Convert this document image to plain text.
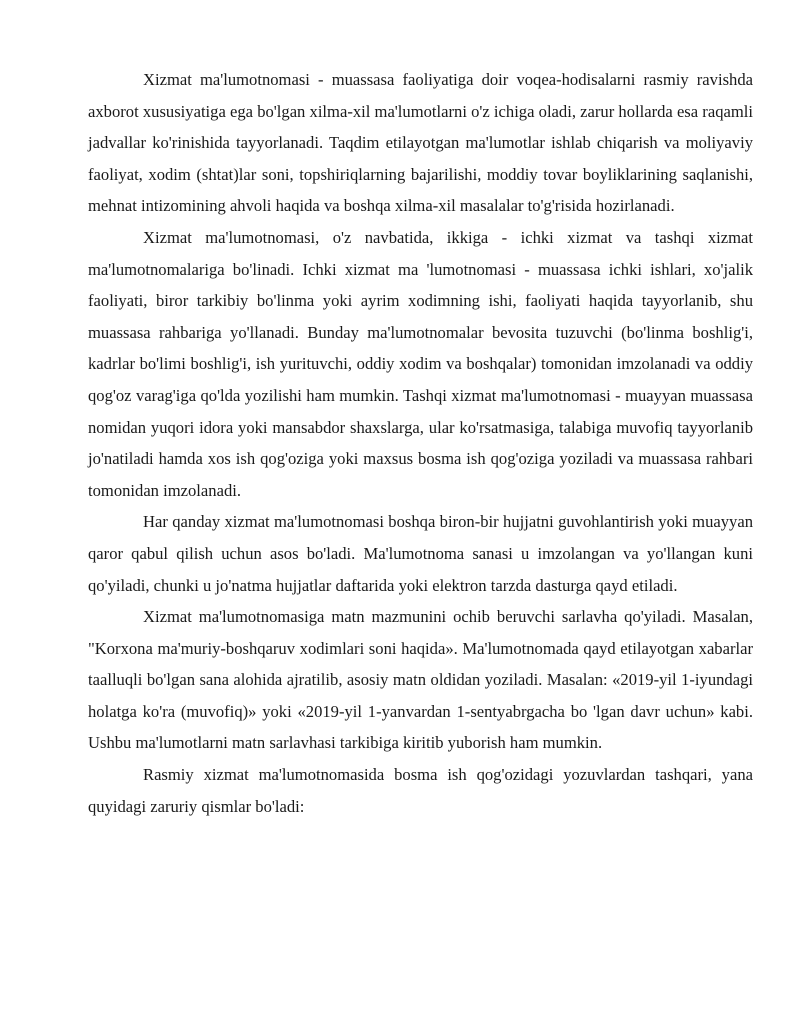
Xizmat ma'lumotnomasi - muassasa faoliyatiga doir voqea-hodisalarni rasmiy ravishda axborot xususiyatiga ega bo'lgan xilma-xil ma'lumotlarni o'z ichiga oladi, zarur hollarda esa raqamli jadvallar ko'rinishida tayyorlanadi. Taqdim etilayotgan ma'lumotlar ishlab chiqarish va moliyaviy faoliyat, xodim (shtat)lar soni, topshiriqlarning bajarilishi, moddiy tovar boyliklarining saqlanishi, mehnat intizomining ahvoli haqida va boshqa xilma-xil masalalar to'g'risida hozirlanadi.

Xizmat ma'lumotnomasi, o'z navbatida, ikkiga - ichki xizmat va tashqi xizmat ma'lumotnomalariga bo'linadi. Ichki xizmat ma 'lumotnomasi - muassasa ichki ishlari, xo'jalik faoliyati, biror tarkibiy bo'linma yoki ayrim xodimning ishi, faoliyati haqida tayyorlanib, shu muassasa rahbariga yo'llanadi. Bunday ma'lumotnomalar bevosita tuzuvchi (bo'linma boshlig'i, kadrlar bo'limi boshlig'i, ish yurituvchi, oddiy xodim va boshqalar) tomonidan imzolanadi va oddiy qog'oz varag'iga qo'lda yozilishi ham mumkin. Tashqi xizmat ma'lumotnomasi - muayyan muassasa nomidan yuqori idora yoki mansabdor shaxslarga, ular ko'rsatmasiga, talabiga muvofiq tayyorlanib jo'natiladi hamda xos ish qog'oziga yoki maxsus bosma ish qog'oziga yoziladi va muassasa rahbari tomonidan imzolanadi.

Har qanday xizmat ma'lumotnomasi boshqa biron-bir hujjatni guvohlantirish yoki muayyan qaror qabul qilish uchun asos bo'ladi. Ma'lumotnoma sanasi u imzolangan va yo'llangan kuni qo'yiladi, chunki u jo'natma hujjatlar daftarida yoki elektron tarzda dasturga qayd etiladi.

Xizmat ma'lumotnomasiga matn mazmunini ochib beruvchi sarlavha qo'yiladi. Masalan, "Korxona ma'muriy-boshqaruv xodimlari soni haqida». Ma'lumotnomada qayd etilayotgan xabarlar taalluqli bo'lgan sana alohida ajratilib, asosiy matn oldidan yoziladi. Masalan: «2019-yil 1-iyundagi holatga ko'ra (muvofiq)» yoki «2019-yil 1-yanvardan 1-sentyabrgacha bo 'lgan davr uchun» kabi. Ushbu ma'lumotlarni matn sarlavhasi tarkibiga kiritib yuborish ham mumkin.

Rasmiy xizmat ma'lumotnomasida bosma ish qog'ozidagi yozuvlardan tashqari, yana quyidagi zaruriy qismlar bo'ladi:
